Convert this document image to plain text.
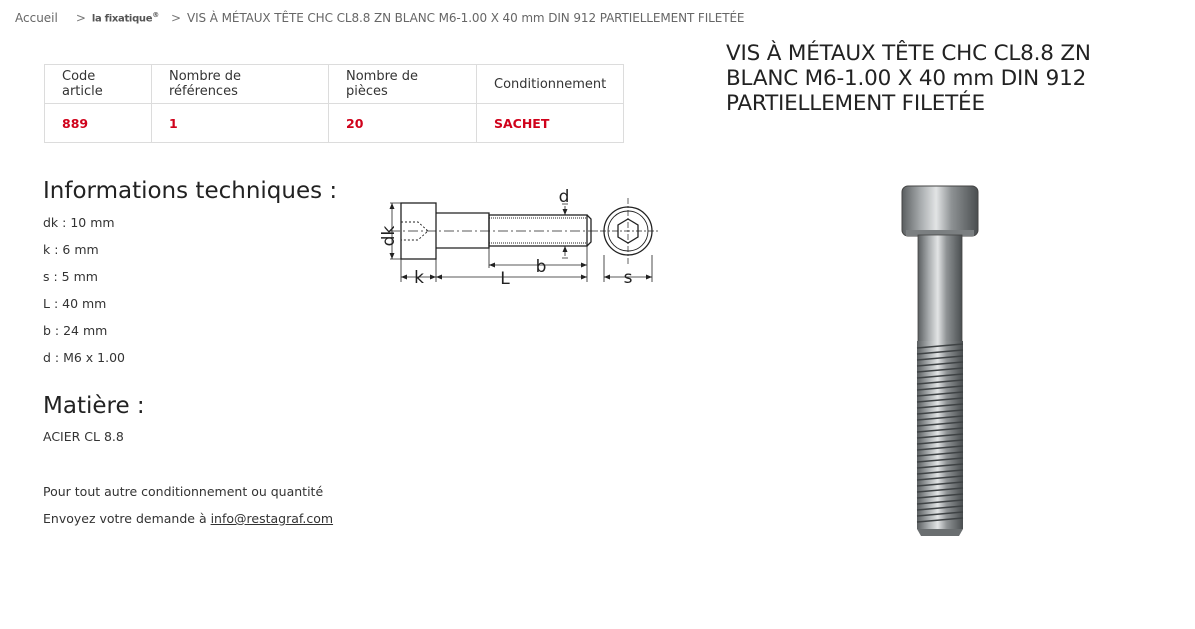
Accueil > la fixatique® > VIS À MÉTAUX TÊTE CHC CL8.8 ZN BLANC M6-1.00 X 40 mm DIN 912 PARTIELLEMENT FILETÉE
Code article	Nombre de références	Nombre de pièces	Conditionnement
889	1	20	SACHET
VIS À MÉTAUX TÊTE CHC CL8.8 ZN BLANC M6-1.00 X 40 mm DIN 912 PARTIELLEMENT FILETÉE
Informations techniques :
dk : 10 mm
k : 6 mm
s : 5 mm
L : 40 mm
b : 24 mm
d : M6 x 1.00
Matière :
ACIER CL 8.8
Pour tout autre conditionnement ou quantité
Envoyez votre demande à info@restagraf.com
dk
k	L
b
d
s
